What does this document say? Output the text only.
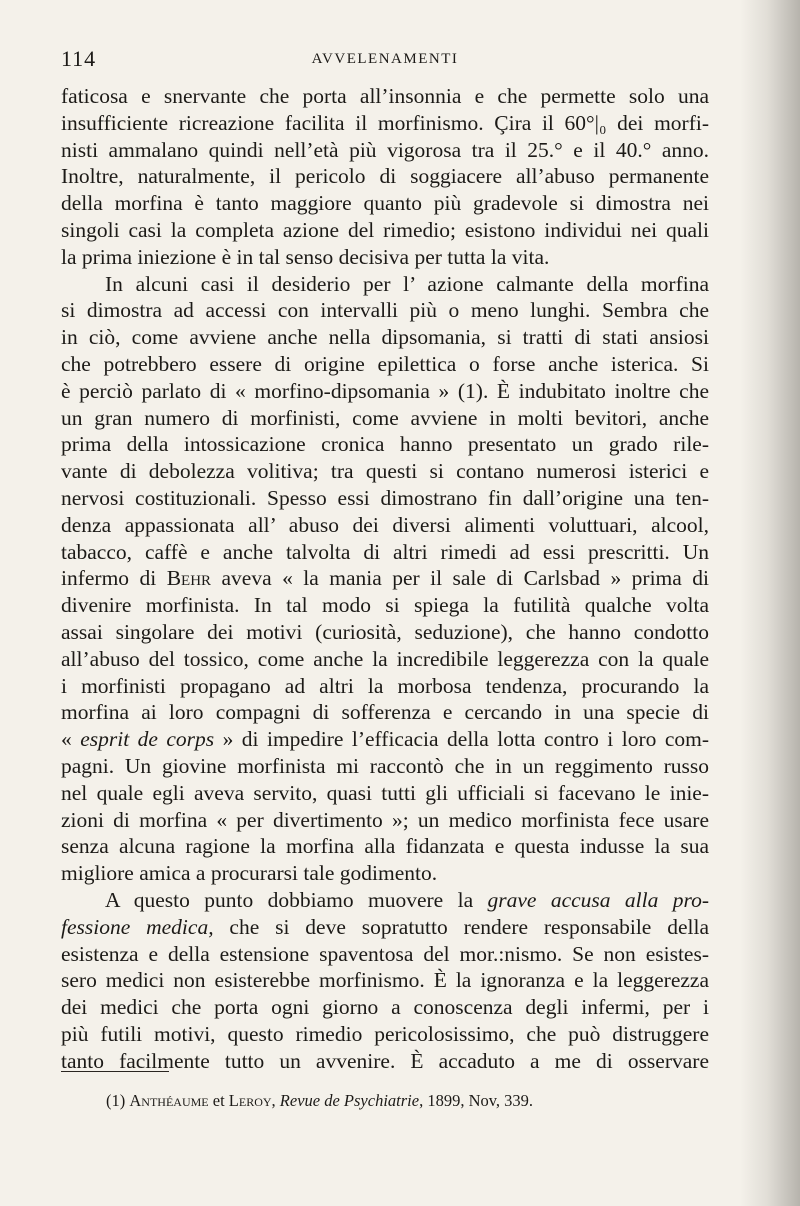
114	AVVELENAMENTI
faticosa e snervante che porta all’insonnia e che permette solo una
insufficiente ricreazione facilita il morfinismo. Çira il 60°|₀ dei morfi-
nisti ammalano quindi nell’età più vigorosa tra il 25.° e il 40.° anno.
Inoltre, naturalmente, il pericolo di soggiacere all’abuso permanente
della morfina è tanto maggiore quanto più gradevole si dimostra nei
singoli casi la completa azione del rimedio; esistono individui nei quali
la prima iniezione è in tal senso decisiva per tutta la vita.
In alcuni casi il desiderio per l’ azione calmante della morfina
si dimostra ad accessi con intervalli più o meno lunghi. Sembra che
in ciò, come avviene anche nella dipsomania, si tratti di stati ansiosi
che potrebbero essere di origine epilettica o forse anche isterica. Si
è perciò parlato di « morfino-dipsomania » (1). È indubitato inoltre che
un gran numero di morfinisti, come avviene in molti bevitori, anche
prima della intossicazione cronica hanno presentato un grado rile-
vante di debolezza volitiva; tra questi si contano numerosi isterici e
nervosi costituzionali. Spesso essi dimostrano fin dall’origine una ten-
denza appassionata all’ abuso dei diversi alimenti voluttuari, alcool,
tabacco, caffè e anche talvolta di altri rimedi ad essi prescritti. Un
infermo di Behr aveva « la mania per il sale di Carlsbad » prima di
divenire morfinista. In tal modo si spiega la futilità qualche volta
assai singolare dei motivi (curiosità, seduzione), che hanno condotto
all’abuso del tossico, come anche la incredibile leggerezza con la quale
i morfinisti propagano ad altri la morbosa tendenza, procurando la
morfina ai loro compagni di sofferenza e cercando in una specie di
« esprit de corps » di impedire l’efficacia della lotta contro i loro com-
pagni. Un giovine morfinista mi raccontò che in un reggimento russo
nel quale egli aveva servito, quasi tutti gli ufficiali si facevano le inie-
zioni di morfina « per divertimento »; un medico morfinista fece usare
senza alcuna ragione la morfina alla fidanzata e questa indusse la sua
migliore amica a procurarsi tale godimento.
A questo punto dobbiamo muovere la grave accusa alla pro-
fessione medica, che si deve sopratutto rendere responsabile della
esistenza e della estensione spaventosa del mor.:nismo. Se non esistes-
sero medici non esisterebbe morfinismo. È la ignoranza e la leggerezza
dei medici che porta ogni giorno a conoscenza degli infermi, per i
più futili motivi, questo rimedio pericolosissimo, che può distruggere
tanto facilmente tutto un avvenire. È accaduto a me di osservare
(1) Anthéaume et Leroy, Revue de Psychiatrie, 1899, Nov, 339.
